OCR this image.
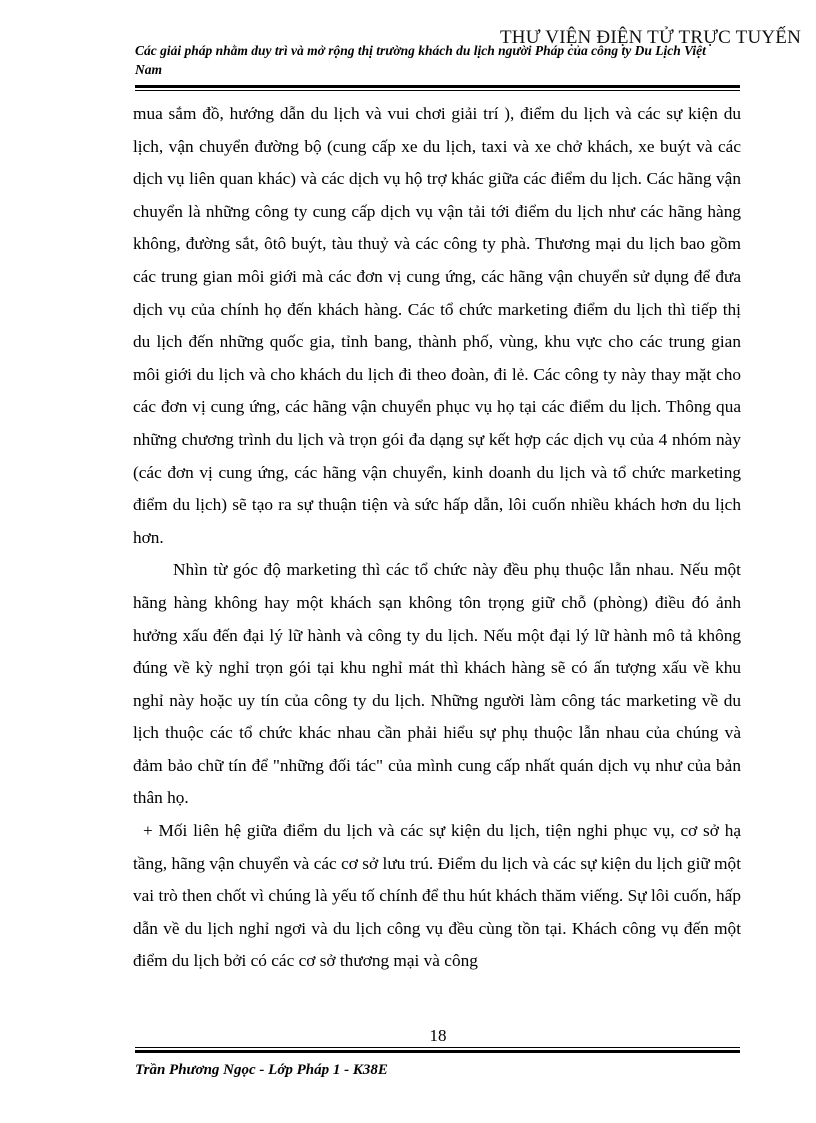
THƯ VIỆN ĐIỆN TỬ TRỰC TUYẾN
Các giải pháp nhằm duy trì và mở rộng thị trường khách du lịch người Pháp của công ty Du Lịch Việt Nam

mua sắm đồ, hướng dẫn du lịch và vui chơi giải trí ), điểm du lịch và các sự kiện du lịch, vận chuyển đường bộ (cung cấp xe du lịch, taxi và xe chở khách, xe buýt và các dịch vụ liên quan khác) và các dịch vụ hộ trợ khác giữa các điểm du lịch. Các hãng vận chuyển là những công ty cung cấp dịch vụ vận tải tới điểm du lịch như các hãng hàng không, đường sắt, ôtô buýt, tàu thuỷ và các công ty phà. Thương mại du lịch bao gồm các trung gian môi giới mà các đơn vị cung ứng, các hãng vận chuyển sử dụng để đưa dịch vụ của chính họ đến khách hàng. Các tổ chức marketing điểm du lịch thì tiếp thị du lịch đến những quốc gia, tỉnh bang, thành phố, vùng, khu vực cho các trung gian môi giới du lịch và cho khách du lịch đi theo đoàn, đi lẻ. Các công ty này thay mặt cho các đơn vị cung ứng, các hãng vận chuyển phục vụ họ tại các điểm du lịch. Thông qua những chương trình du lịch và trọn gói đa dạng sự kết hợp các dịch vụ của 4 nhóm này (các đơn vị cung ứng, các hãng vận chuyển, kinh doanh du lịch và tổ chức marketing điểm du lịch) sẽ tạo ra sự thuận tiện và sức hấp dẫn, lôi cuốn nhiều khách hơn du lịch hơn.

Nhìn từ góc độ marketing thì các tổ chức này đều phụ thuộc lẫn nhau. Nếu một hãng hàng không hay một khách sạn không tôn trọng giữ chỗ (phòng) điều đó ảnh hưởng xấu đến đại lý lữ hành và công ty du lịch. Nếu một đại lý lữ hành mô tả không đúng về kỳ nghỉ trọn gói tại khu nghỉ mát thì khách hàng sẽ có ấn tượng xấu về khu nghỉ này hoặc uy tín của công ty du lịch. Những người làm công tác marketing về du lịch thuộc các tổ chức khác nhau cần phải hiểu sự phụ thuộc lẫn nhau của chúng và đảm bảo chữ tín để "những đối tác" của mình cung cấp nhất quán dịch vụ như của bản thân họ.

+ Mối liên hệ giữa điểm du lịch và các sự kiện du lịch, tiện nghi phục vụ, cơ sở hạ tầng, hãng vận chuyển và các cơ sở lưu trú. Điểm du lịch và các sự kiện du lịch giữ một vai trò then chốt vì chúng là yếu tố chính để thu hút khách thăm viếng. Sự lôi cuốn, hấp dẫn về du lịch nghỉ ngơi và du lịch công vụ đều cùng tồn tại. Khách công vụ đến một điểm du lịch bởi có các cơ sở thương mại và công

18
Trần Phương Ngọc - Lớp Pháp 1 - K38E
